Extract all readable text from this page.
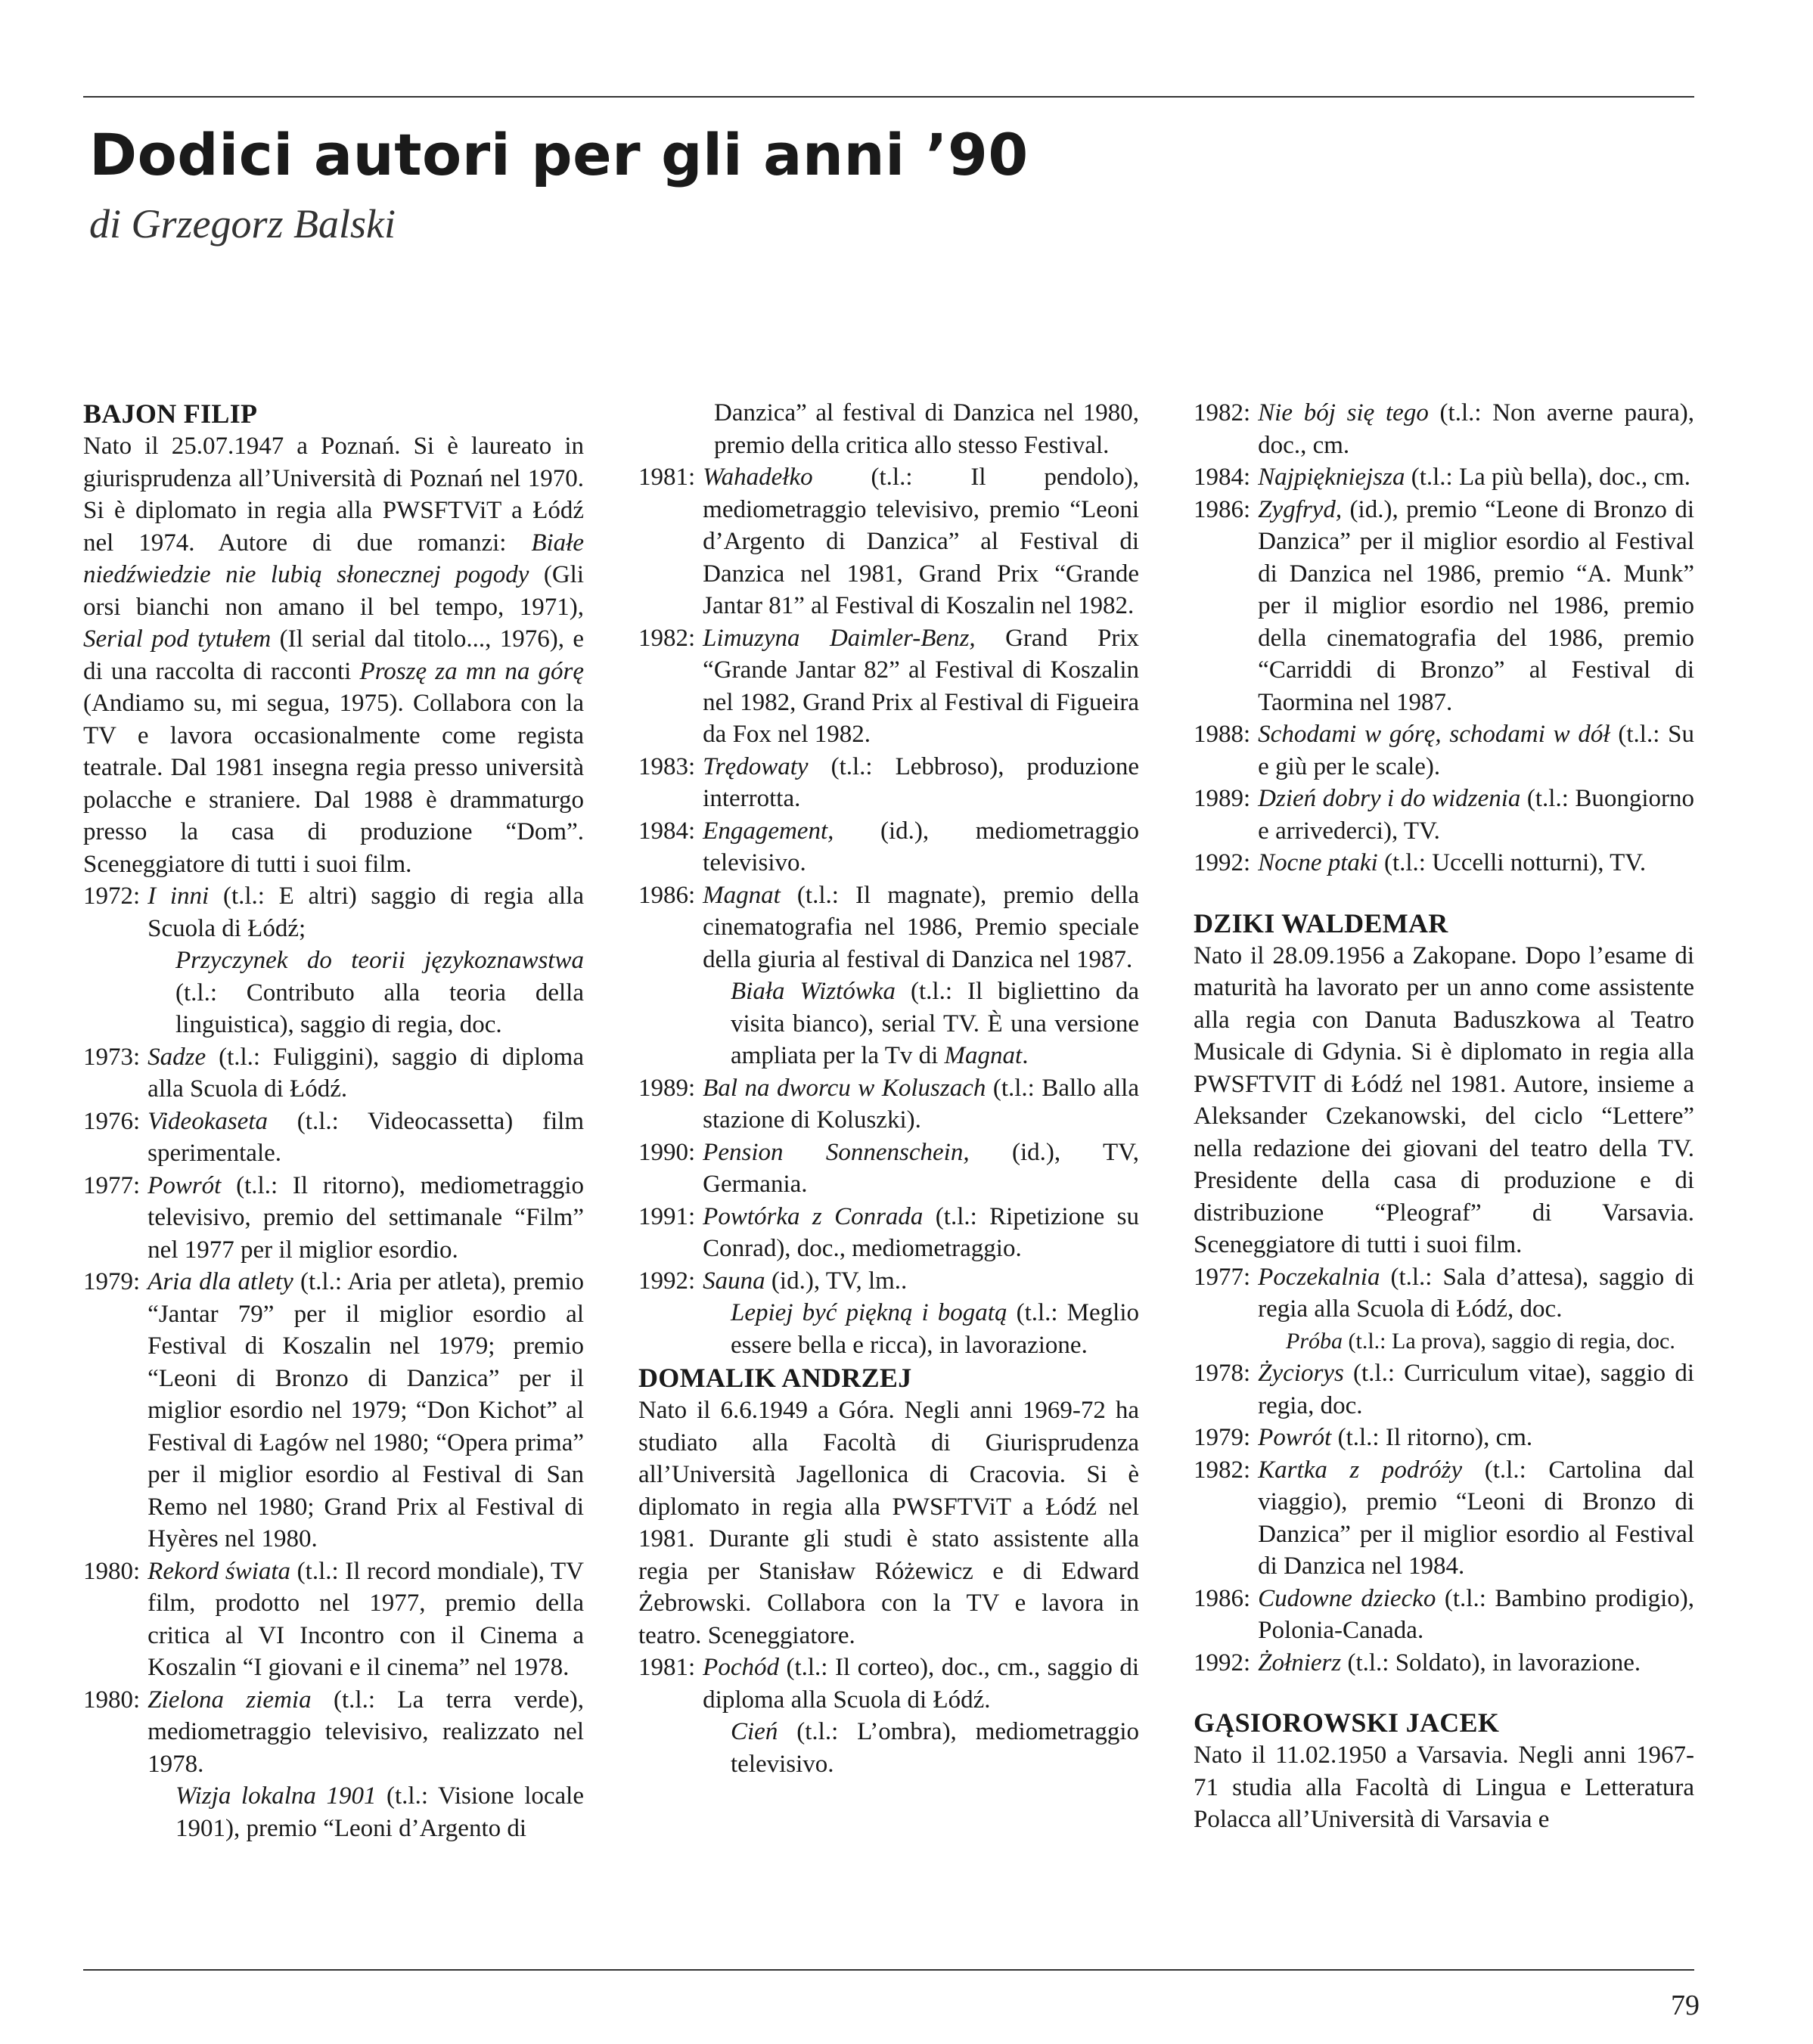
Dodici autori per gli anni ’90
di Grzegorz Balski
BAJON FILIP

Nato il 25.07.1947 a Poznań. Si è laureato in giurisprudenza all’Università di Poznań nel 1970. Si è diplomato in regia alla PWSFTViT a Łódź nel 1974. Autore di due romanzi: Białe niedźwiedzie nie lubią słonecznej pogody (Gli orsi bianchi non amano il bel tempo, 1971), Serial pod tytułem (Il serial dal titolo..., 1976), e di una raccolta di racconti Proszę za mn na górę (Andiamo su, mi segua, 1975). Collabora con la TV e lavora occasionalmente come regista teatrale. Dal 1981 insegna regia presso università polacche e straniere. Dal 1988 è drammaturgo presso la casa di produzione “Dom”. Sceneggiatore di tutti i suoi film.

1972: I inni (t.l.: E altri) saggio di regia alla Scuola di Łódź;

Przyczynek do teorii językoznawstwa (t.l.: Contributo alla teoria della linguistica), saggio di regia, doc.

1973: Sadze (t.l.: Fuliggini), saggio di diploma alla Scuola di Łódź.
1976: Videokaseta (t.l.: Videocassetta) film sperimentale.
1977: Powrót (t.l.: Il ritorno), mediometraggio televisivo, premio del settimanale “Film” nel 1977 per il miglior esordio.
1979: Aria dla atlety (t.l.: Aria per atleta), premio “Jantar 79” per il miglior esordio al Festival di Koszalin nel 1979; premio “Leoni di Bronzo di Danzica” per il miglior esordio nel 1979; “Don Kichot” al Festival di Łagów nel 1980; “Opera prima” per il miglior esordio al Festival di San Remo nel 1980; Grand Prix al Festival di Hyères nel 1980.
1980: Rekord świata (t.l.: Il record mondiale), TV film, prodotto nel 1977, premio della critica al VI Incontro con il Cinema a Koszalin “I giovani e il cinema” nel 1978.
1980: Zielona ziemia (t.l.: La terra verde), mediometraggio televisivo, realizzato nel 1978.

Wizja lokalna 1901 (t.l.: Visione locale 1901), premio “Leoni d’Argento di

Danzica” al festival di Danzica nel 1980, premio della critica allo stesso Festival.

1981: Wahadełko (t.l.: Il pendolo), mediometraggio televisivo, premio “Leoni d’Argento di Danzica” al Festival di Danzica nel 1981, Grand Prix “Grande Jantar 81” al Festival di Koszalin nel 1982.
1982: Limuzyna Daimler-Benz, Grand Prix “Grande Jantar 82” al Festival di Koszalin nel 1982, Grand Prix al Festival di Figueira da Fox nel 1982.
1983: Trędowaty (t.l.: Lebbroso), produzione interrotta.
1984: Engagement, (id.), mediometraggio televisivo.
1986: Magnat (t.l.: Il magnate), premio della cinematografia nel 1986, Premio speciale della giuria al festival di Danzica nel 1987.

Biała Wiztówka (t.l.: Il bigliettino da visita bianco), serial TV. È una versione ampliata per la Tv di Magnat.

1989: Bal na dworcu w Koluszach (t.l.: Ballo alla stazione di Koluszki).
1990: Pension Sonnenschein, (id.), TV, Germania.
1991: Powtórka z Conrada (t.l.: Ripetizione su Conrad), doc., mediometraggio.
1992: Sauna (id.), TV, lm..

Lepiej być piękną i bogatą (t.l.: Meglio essere bella e ricca), in lavorazione.

DOMALIK ANDRZEJ

Nato il 6.6.1949 a Góra. Negli anni 1969-72 ha studiato alla Facoltà di Giurisprudenza all’Università Jagellonica di Cracovia. Si è diplomato in regia alla PWSFTViT a Łódź nel 1981. Durante gli studi è stato assistente alla regia per Stanisław Różewicz e di Edward Żebrowski. Collabora con la TV e lavora in teatro. Sceneggiatore.

1981: Pochód (t.l.: Il corteo), doc., cm., saggio di diploma alla Scuola di Łódź.

Cień (t.l.: L’ombra), mediometraggio televisivo.

1982: Nie bój się tego (t.l.: Non averne paura), doc., cm.
1984: Najpiękniejsza (t.l.: La più bella), doc., cm.
1986: Zygfryd, (id.), premio “Leone di Bronzo di Danzica” per il miglior esordio al Festival di Danzica nel 1986, premio “A. Munk” per il miglior esordio nel 1986, premio della cinematografia del 1986, premio “Carriddi di Bronzo” al Festival di Taormina nel 1987.
1988: Schodami w górę, schodami w dół (t.l.: Su e giù per le scale).
1989: Dzień dobry i do widzenia (t.l.: Buongiorno e arrivederci), TV.
1992: Nocne ptaki (t.l.: Uccelli notturni), TV.
DZIKI WALDEMAR

Nato il 28.09.1956 a Zakopane. Dopo l’esame di maturità ha lavorato per un anno come assistente alla regia con Danuta Baduszkowa al Teatro Musicale di Gdynia. Si è diplomato in regia alla PWSFTVIT di Łódź nel 1981. Autore, insieme a Aleksander Czekanowski, del ciclo “Lettere” nella redazione dei giovani del teatro della TV. Presidente della casa di produzione e di distribuzione “Pleograf” di Varsavia. Sceneggiatore di tutti i suoi film.

1977: Poczekalnia (t.l.: Sala d’attesa), saggio di regia alla Scuola di Łódź, doc.

Próba (t.l.: La prova), saggio di regia, doc.

1978: Życiorys (t.l.: Curriculum vitae), saggio di regia, doc.
1979: Powrót (t.l.: Il ritorno), cm.
1982: Kartka z podróży (t.l.: Cartolina dal viaggio), premio “Leoni di Bronzo di Danzica” per il miglior esordio al Festival di Danzica nel 1984.
1986: Cudowne dziecko (t.l.: Bambino prodigio), Polonia-Canada.
1992: Żołnierz (t.l.: Soldato), in lavorazione.
GĄSIOROWSKI JACEK

Nato il 11.02.1950 a Varsavia. Negli anni 1967-71 studia alla Facoltà di Lingua e Letteratura Polacca all’Università di Varsavia e

79
